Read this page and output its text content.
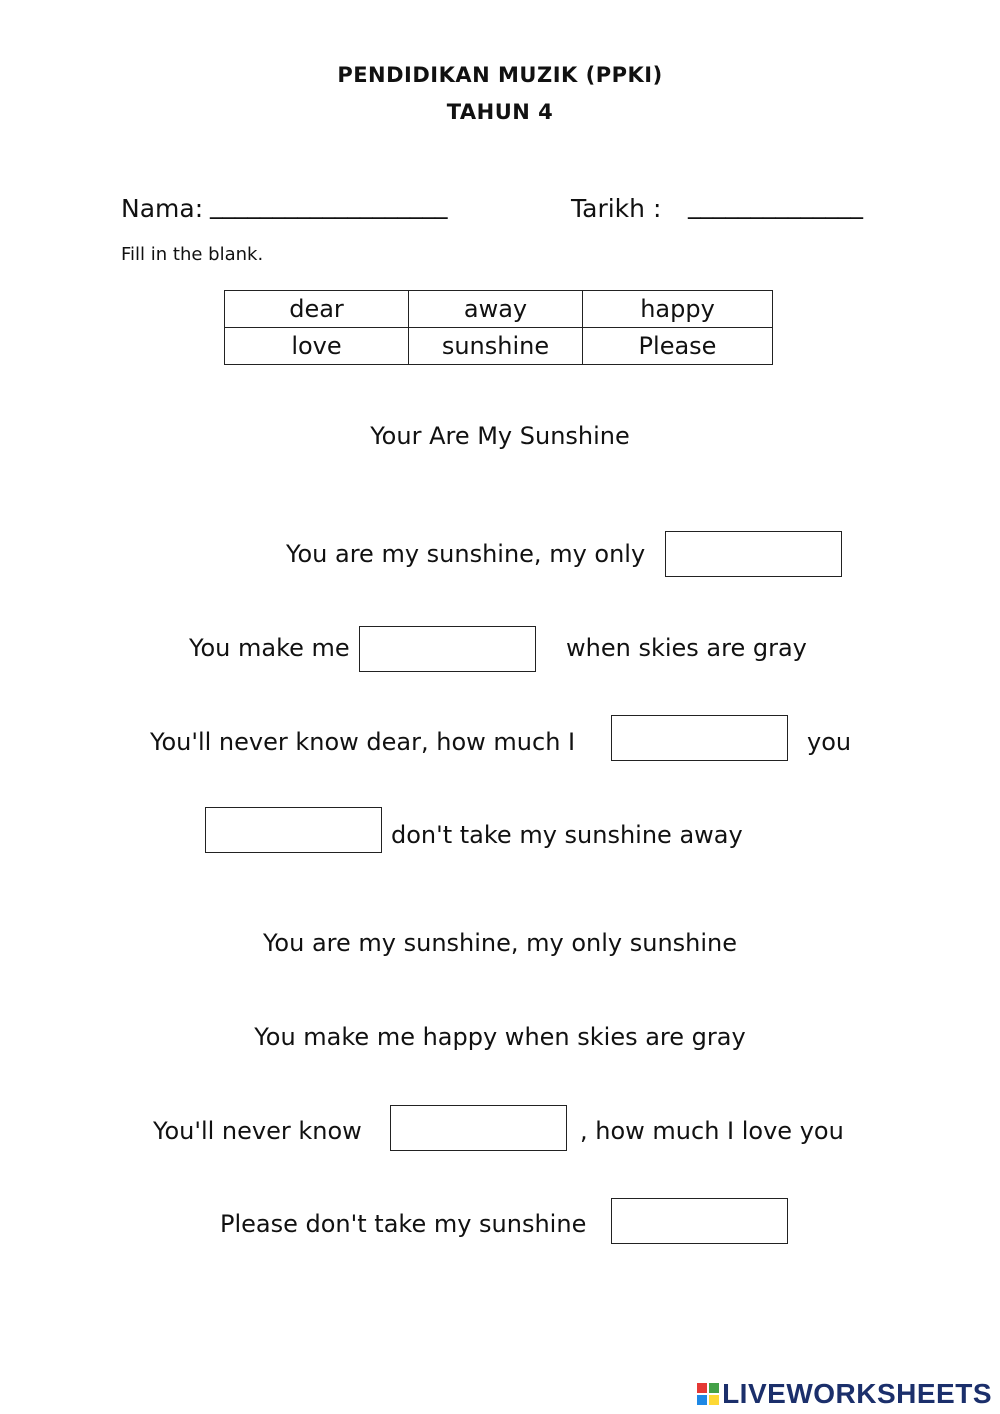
PENDIDIKAN MUZIK (PPKI)
TAHUN 4
Nama: ___________________	Tarikh : ______________
Fill in the blank.
dear	away	happy
love	sunshine	Please
Your Are My Sunshine
You are my sunshine, my only
You make me	when skies are gray
You'll never know dear, how much I	you
don't take my sunshine away
You are my sunshine, my only sunshine
You make me happy when skies are gray
You'll never know	, how much I love you
Please don't take my sunshine
LIVEWORKSHEETS
